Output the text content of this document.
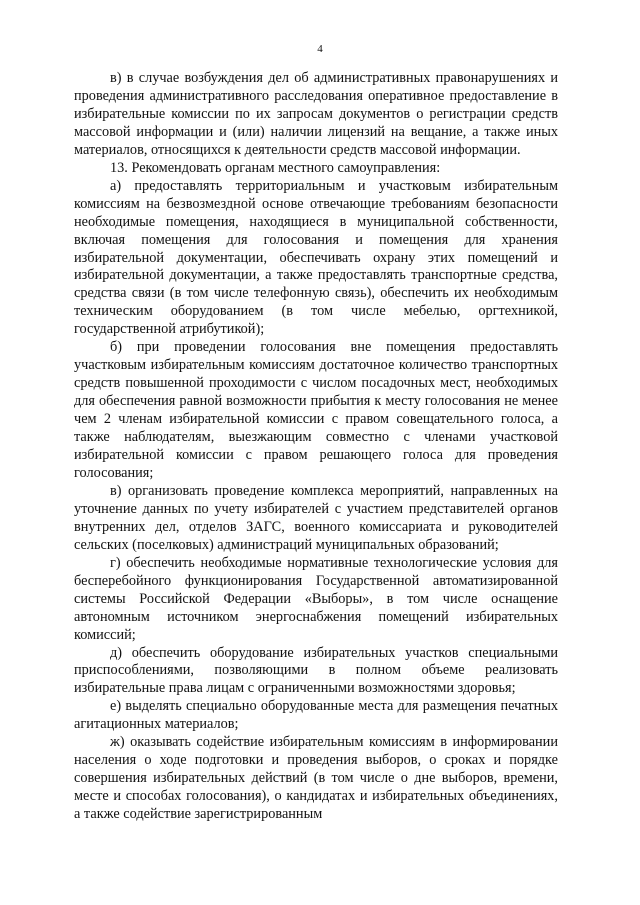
4

в) в случае возбуждения дел об административных правонарушениях и проведения административного расследования оперативное предоставление в избирательные комиссии по их запросам документов о регистрации средств массовой информации и (или) наличии лицензий на вещание, а также иных материалов, относящихся к деятельности средств массовой информации.

13. Рекомендовать органам местного самоуправления:

а) предоставлять территориальным и участковым избирательным комиссиям на безвозмездной основе отвечающие требованиям безопасности необходимые помещения, находящиеся в муниципальной собственности, включая помещения для голосования и помещения для хранения избирательной документации, обеспечивать охрану этих помещений и избирательной документации, а также предоставлять транспортные средства, средства связи (в том числе телефонную связь), обеспечить их необходимым техническим оборудованием (в том числе мебелью, оргтехникой, государственной атрибутикой);

б) при проведении голосования вне помещения предоставлять участковым избирательным комиссиям достаточное количество транспортных средств повышенной проходимости с числом посадочных мест, необходимых для обеспечения равной возможности прибытия к месту голосования не менее чем 2 членам избирательной комиссии с правом совещательного голоса, а также наблюдателям, выезжающим совместно с членами участковой избирательной комиссии с правом решающего голоса для проведения голосования;

в) организовать проведение комплекса мероприятий, направленных на уточнение данных по учету избирателей с участием представителей органов внутренних дел, отделов ЗАГС, военного комиссариата и руководителей сельских (поселковых) администраций муниципальных образований;

г) обеспечить необходимые нормативные технологические условия для бесперебойного функционирования Государственной автоматизированной системы Российской Федерации «Выборы», в том числе оснащение автономным источником энергоснабжения помещений избирательных комиссий;

д) обеспечить оборудование избирательных участков специальными приспособлениями, позволяющими в полном объеме реализовать избирательные права лицам с ограниченными возможностями здоровья;

е) выделять специально оборудованные места для размещения печатных агитационных материалов;

ж) оказывать содействие избирательным комиссиям в информировании населения о ходе подготовки и проведения выборов, о сроках и порядке совершения избирательных действий (в том числе о дне выборов, времени, месте и способах голосования), о кандидатах и избирательных объединениях, а также содействие зарегистрированным
